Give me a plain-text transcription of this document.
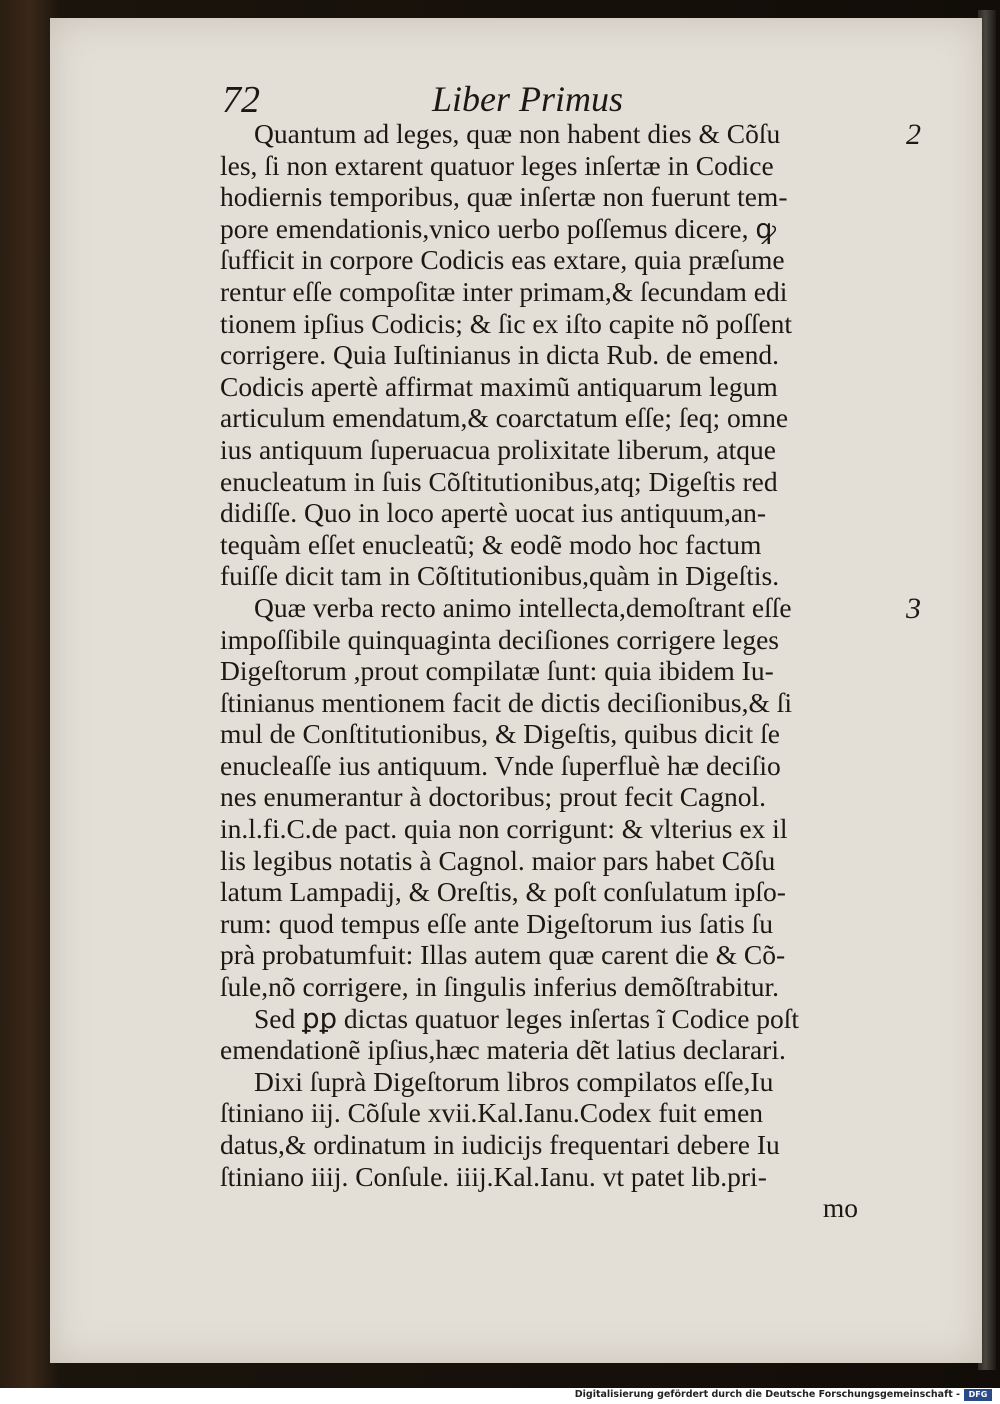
72	Liber Primus
2
3
Quantum ad leges, quæ non habent dies & Cõſu
les, ſi non extarent quatuor leges inſertæ in Codice
hodiernis temporibus, quæ inſertæ non fuerunt tem-
pore emendationis,vnico uerbo poſſemus dicere, ꝙ
ſufficit in corpore Codicis eas extare, quia præſume
rentur eſſe compoſitæ inter primam,& ſecundam edi
tionem ipſius Codicis; & ſic ex iſto capite nõ poſſent
corrigere. Quia Iuſtinianus in dicta Rub. de emend.
Codicis apertè affirmat maximũ antiquarum legum
articulum emendatum,& coarctatum eſſe; ſeq; omne
ius antiquum ſuperuacua prolixitate liberum, atque
enucleatum in ſuis Cõſtitutionibus,atq; Digeſtis red
didiſſe. Quo in loco apertè uocat ius antiquum,an-
tequàm eſſet enucleatũ; & eodẽ modo hoc factum
fuiſſe dicit tam in Cõſtitutionibus,quàm in Digeſtis.
Quæ verba recto animo intellecta,demoſtrant eſſe
impoſſibile quinquaginta deciſiones corrigere leges
Digeſtorum ,prout compilatæ ſunt: quia ibidem Iu-
ſtinianus mentionem facit de dictis deciſionibus,& ſi
mul de Conſtitutionibus, & Digeſtis, quibus dicit ſe
enucleaſſe ius antiquum. Vnde ſuperfluè hæ deciſio
nes enumerantur à doctoribus; prout fecit Cagnol.
in.l.fi.C.de pact. quia non corrigunt: & vlterius ex il
lis legibus notatis à Cagnol. maior pars habet Cõſu
latum Lampadij, & Oreſtis, & poſt conſulatum ipſo-
rum: quod tempus eſſe ante Digeſtorum ius ſatis ſu
prà probatumfuit: Illas autem quæ carent die & Cõ-
ſule,nõ corrigere, in ſingulis inferius demõſtrabitur.
Sed ꝑꝑ dictas quatuor leges inſertas ĩ Codice poſt
emendationẽ ipſius,hæc materia dẽt latius declarari.
Dixi ſuprà Digeſtorum libros compilatos eſſe,Iu
ſtiniano iij. Cõſule xvii.Kal.Ianu.Codex fuit emen
datus,& ordinatum in iudicijs frequentari debere Iu
ſtiniano iiij. Conſule. iiij.Kal.Ianu. vt patet lib.pri-
mo
Digitalisierung gefördert durch die Deutsche Forschungsgemeinschaft -	DFG
